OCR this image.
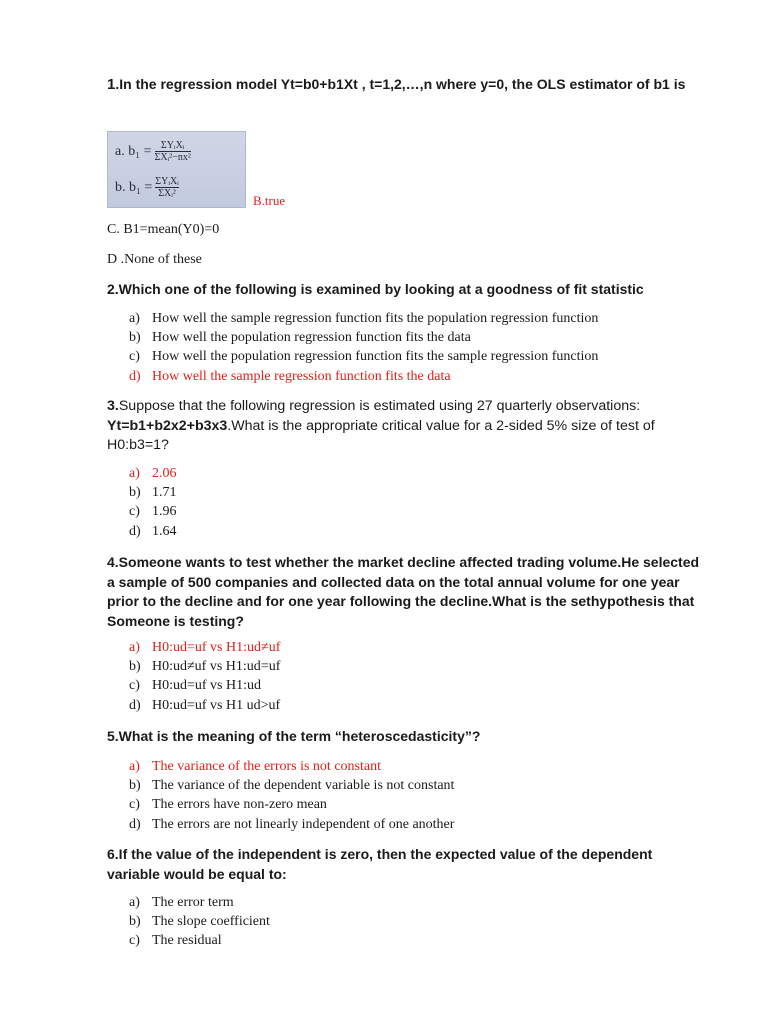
1.In the regression model Yt=b0+b1Xt , t=1,2,…,n where y=0, the OLS estimator of b1 is
a. $b_1 = \frac{\text{ΣYᵢXᵢ}}{\text{ΣXᵢ²−nx²}}$
b. $b_1 = \frac{\text{ΣYᵢXᵢ}}{\text{ΣXᵢ²}}$
B.true
C. B1=mean(Y0)=0
D .None of these
2.Which one of the following is examined by looking at a goodness of fit statistic
a) How well the sample regression function fits the population regression function
b) How well the population regression function fits the data
c) How well the population regression function fits the sample regression function
d) How well the sample regression function fits the data
3.Suppose that the following regression is estimated using 27 quarterly observations: Yt=b1+b2x2+b3x3.What is the appropriate critical value for a 2-sided 5% size of test of H0:b3=1?
a) 2.06
b) 1.71
c) 1.96
d) 1.64
4.Someone wants to test whether the market decline affected trading volume.He selected a sample of 500 companies and collected data on the total annual volume for one year prior to the decline and for one year following the decline.What is the sethypothesis that Someone is testing?
a) H0:ud=uf vs H1:ud≠uf
b) H0:ud≠uf vs H1:ud=uf
c) H0:ud=uf vs H1:ud
d) H0:ud=uf vs H1 ud>uf
5.What is the meaning of the term “heteroscedasticity”?
a) The variance of the errors is not constant
b) The variance of the dependent variable is not constant
c) The errors have non-zero mean
d) The errors are not linearly independent of one another
6.If the value of the independent is zero, then the expected value of the dependent variable would be equal to:
a) The error term
b) The slope coefficient
c) The residual
